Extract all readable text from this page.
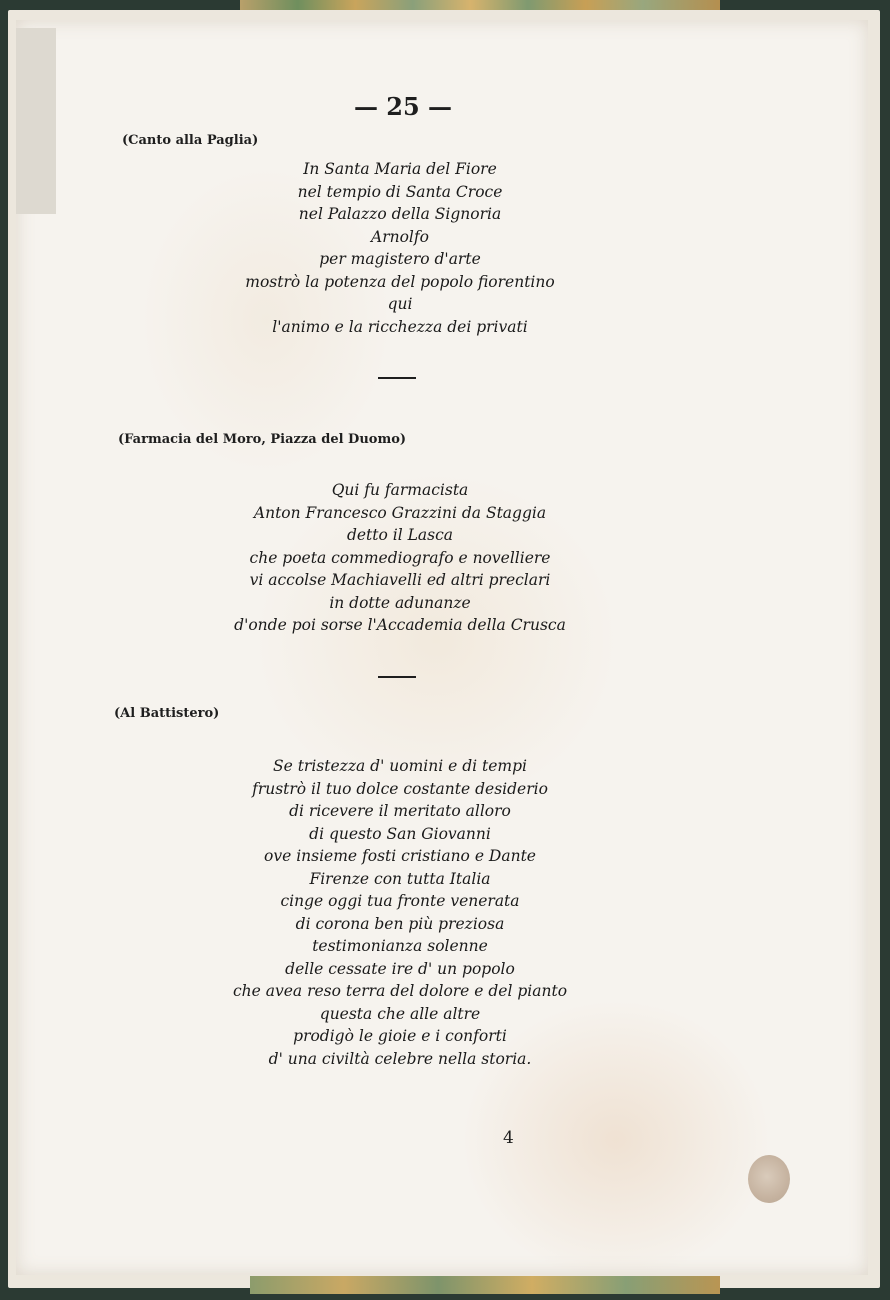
— 25 —
(Canto alla Paglia)
In Santa Maria del Fiore
nel tempio di Santa Croce
nel Palazzo della Signoria
Arnolfo
per magistero d'arte
mostrò la potenza del popolo fiorentino
qui
l'animo e la ricchezza dei privati
(Farmacia del Moro, Piazza del Duomo)
Qui fu farmacista
Anton Francesco Grazzini da Staggia
detto il Lasca
che poeta commediografo e novelliere
vi accolse Machiavelli ed altri preclari
in dotte adunanze
d'onde poi sorse l'Accademia della Crusca
(Al Battistero)
Se tristezza d' uomini e di tempi
frustrò il tuo dolce costante desiderio
di ricevere il meritato alloro
di questo San Giovanni
ove insieme fosti cristiano e Dante
Firenze con tutta Italia
cinge oggi tua fronte venerata
di corona ben più preziosa
testimonianza solenne
delle cessate ire d' un popolo
che avea reso terra del dolore e del pianto
questa che alle altre
prodigò le gioie e i conforti
d' una civiltà celebre nella storia.
4
